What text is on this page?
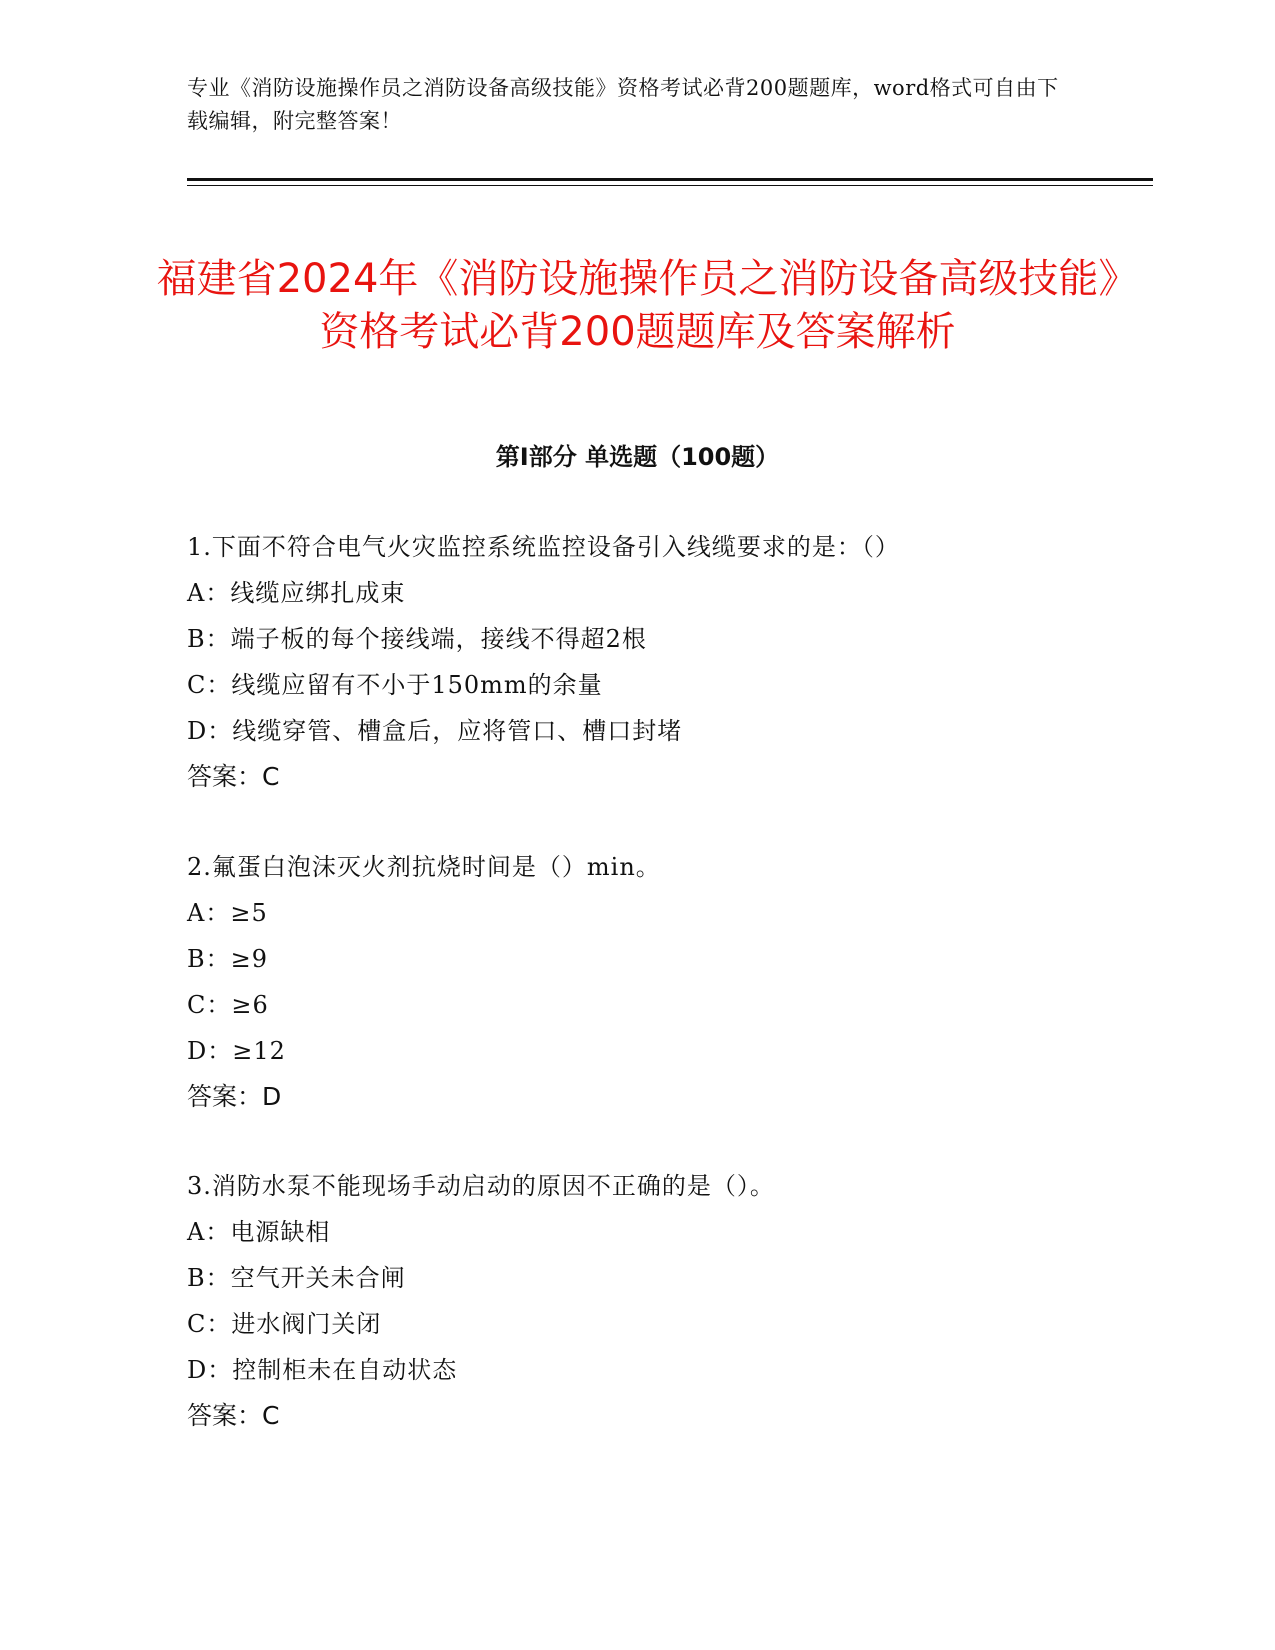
专业《消防设施操作员之消防设备高级技能》资格考试必背200题题库，word格式可自由下载编辑，附完整答案！
福建省2024年《消防设施操作员之消防设备高级技能》资格考试必背200题题库及答案解析
第I部分 单选题（100题）
1.下面不符合电气火灾监控系统监控设备引入线缆要求的是：（）
A：线缆应绑扎成束
B：端子板的每个接线端，接线不得超2根
C：线缆应留有不小于150mm的余量
D：线缆穿管、槽盒后，应将管口、槽口封堵
答案：C
2.氟蛋白泡沫灭火剂抗烧时间是（）min。
A：≥5
B：≥9
C：≥6
D：≥12
答案：D
3.消防水泵不能现场手动启动的原因不正确的是（）。
A：电源缺相
B：空气开关未合闸
C：进水阀门关闭
D：控制柜未在自动状态
答案：C
